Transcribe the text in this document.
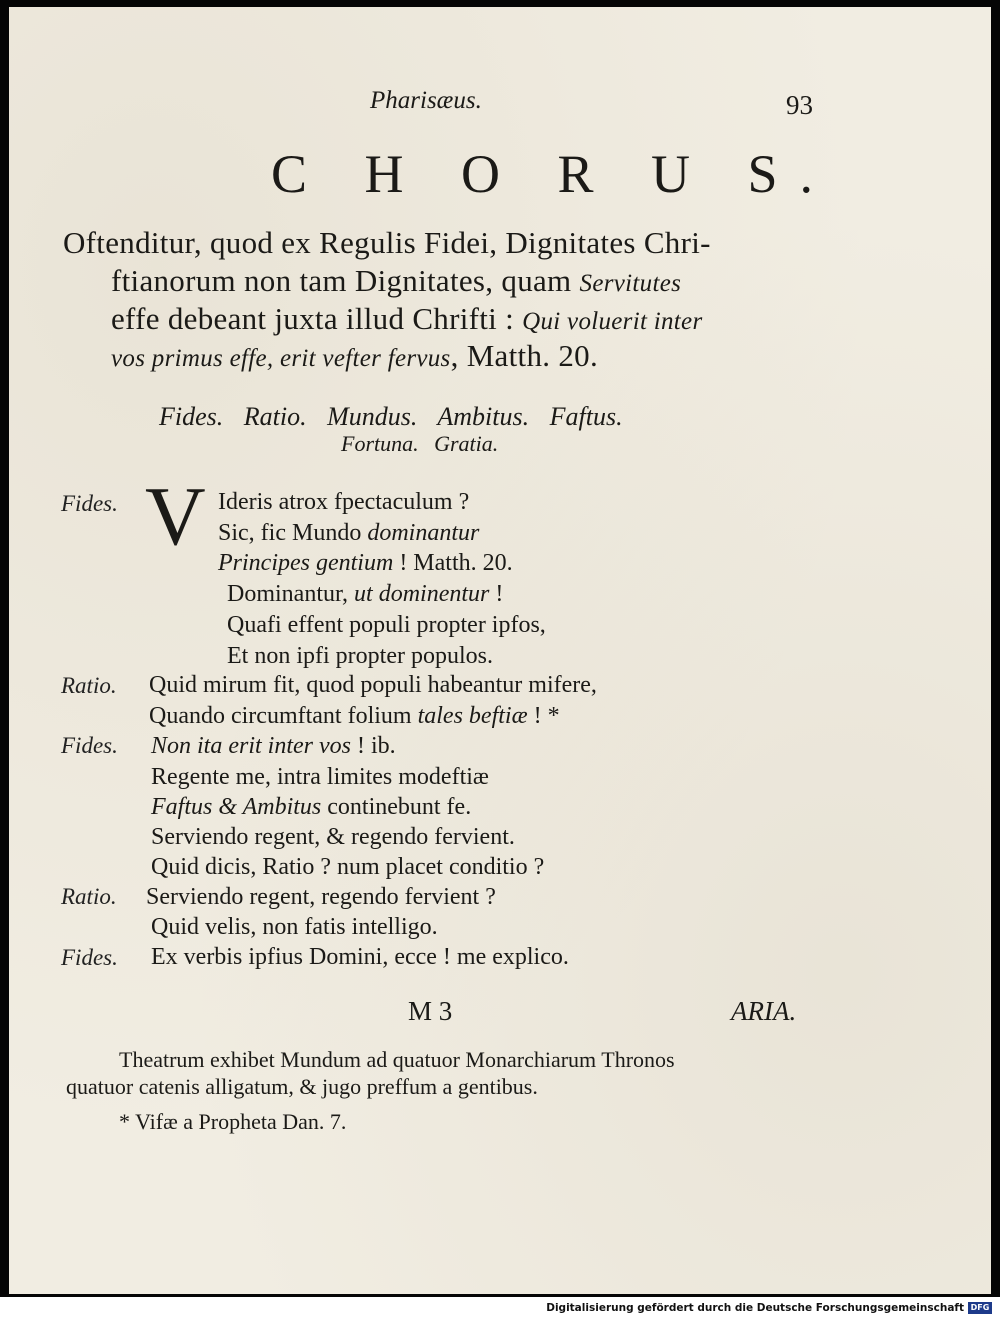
Pharisæus.	93

C H O R U S.

Oftenditur, quod ex Regulis Fidei, Dignitates Chri-

ftianorum non tam Dignitates, quam Servitutes

effe debeant juxta illud Chrifti : Qui voluerit inter

vos primus effe, erit vefter fervus, Matth. 20.

Fides. Ratio. Mundus. Ambitus. Faftus.

Fortuna. Gratia.

V
Fides.	Ideris atrox fpectaculum ?
Sic, fic Mundo dominantur
Principes gentium ! Matth. 20.
Dominantur, ut dominentur !
Quafi effent populi propter ipfos,
Et non ipfi propter populos.
Ratio. Quid mirum fit, quod populi habeantur mifere,
Quando circumftant folium tales beftiæ ! *
Fides. Non ita erit inter vos ! ib.
Regente me, intra limites modeftiæ
Faftus & Ambitus continebunt fe.
Serviendo regent, & regendo fervient.
Quid dicis, Ratio ? num placet conditio ?
Ratio. Serviendo regent, regendo fervient ?
Quid velis, non fatis intelligo.
Fides. Ex verbis ipfius Domini, ecce ! me explico.
M 3	ARIA.

Theatrum exhibet Mundum ad quatuor Monarchiarum Thronos

quatuor catenis alligatum, & jugo preffum a gentibus.

* Vifæ a Propheta Dan. 7.

Digitalisierung gefördert durch die Deutsche Forschungsgemeinschaft DFG
